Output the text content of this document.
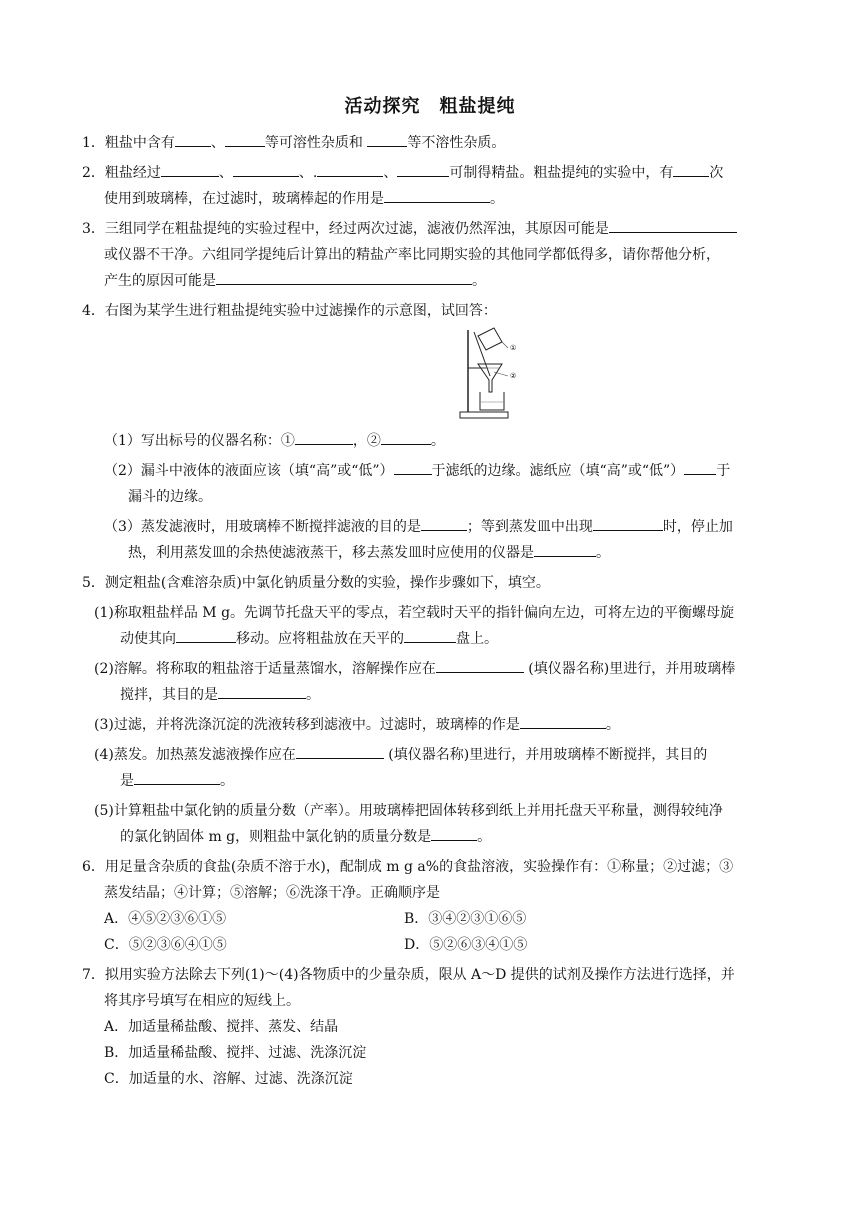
活动探究　粗盐提纯
1．粗盐中含有	、	等可溶性杂质和	等不溶性杂质。
2．粗盐经过	、	、.	、	可制得精盐。粗盐提纯的实验中，有	次
使用到玻璃棒，在过滤时，玻璃棒起的作用是	。
3．三组同学在粗盐提纯的实验过程中，经过两次过滤，滤液仍然浑浊，其原因可能是
或仪器不干净。六组同学提纯后计算出的精盐产率比同期实验的其他同学都低得多，请你帮他分析，
产生的原因可能是	。
4．右图为某学生进行粗盐提纯实验中过滤操作的示意图，试回答：
①
②
（1）写出标号的仪器名称：①	，②	。
（2）漏斗中液体的液面应该（填“高”或“低”）	于滤纸的边缘。滤纸应（填“高”或“低”） 于
漏斗的边缘。
（3）蒸发滤液时，用玻璃棒不断搅拌滤液的目的是	；等到蒸发皿中出现	时，停止加
热，利用蒸发皿的余热使滤液蒸干，移去蒸发皿时应使用的仪器是	。
5．测定粗盐(含难溶杂质)中氯化钠质量分数的实验，操作步骤如下，填空。
(1)称取粗盐样品 M g。先调节托盘天平的零点，若空载时天平的指针偏向左边，可将左边的平衡螺母旋
动使其向	移动。应将粗盐放在天平的	盘上。
(2)溶解。将称取的粗盐溶于适量蒸馏水，溶解操作应在	(填仪器名称)里进行，并用玻璃棒
搅拌，其目的是	。
(3)过滤，并将洗涤沉淀的洗液转移到滤液中。过滤时，玻璃棒的作是	。
(4)蒸发。加热蒸发滤液操作应在	(填仪器名称)里进行，并用玻璃棒不断搅拌，其目的
是	。
(5)计算粗盐中氯化钠的质量分数（产率）。用玻璃棒把固体转移到纸上并用托盘天平称量，测得较纯净
的氯化钠固体 m g，则粗盐中氯化钠的质量分数是	。
6．用足量含杂质的食盐(杂质不溶于水)，配制成 m g a%的食盐溶液，实验操作有：①称量；②过滤；③
蒸发结晶；④计算；⑤溶解；⑥洗涤干净。正确顺序是
A．④⑤②③⑥①⑤	B．③④②③①⑥⑤
C．⑤②③⑥④①⑤	D．⑤②⑥③④①⑤
7．拟用实验方法除去下列(1)～(4)各物质中的少量杂质，限从 A～D 提供的试剂及操作方法进行选择，并
将其序号填写在相应的短线上。
A．加适量稀盐酸、搅拌、蒸发、结晶
B．加适量稀盐酸、搅拌、过滤、洗涤沉淀
C．加适量的水、溶解、过滤、洗涤沉淀
